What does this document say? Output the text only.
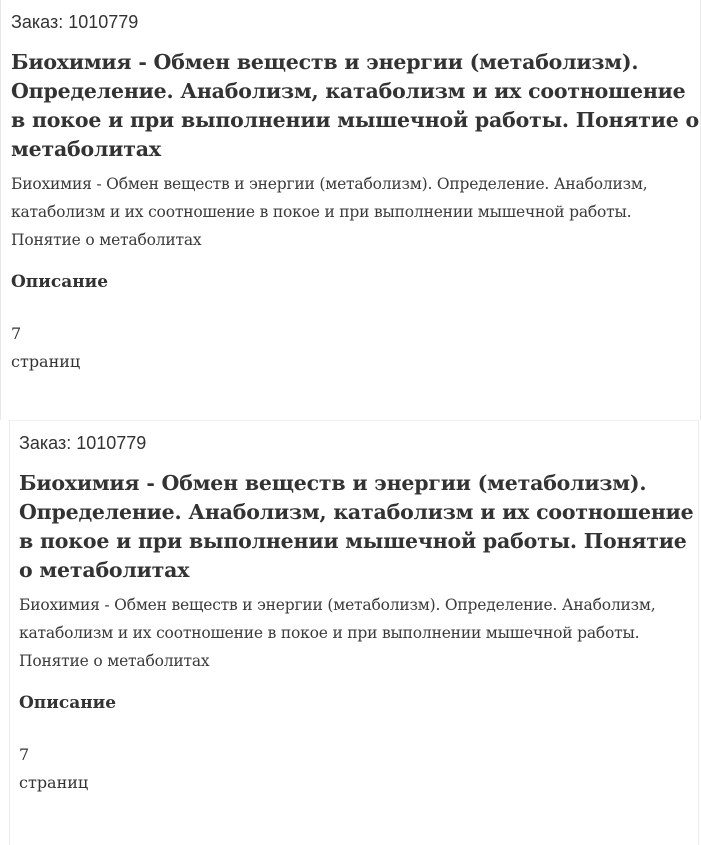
Заказ: 1010779
Биохимия - Обмен веществ и энергии (метаболизм). Определение. Анаболизм, катаболизм и их соотношение в покое и при выполнении мышечной работы. Понятие о метаболитах
Биохимия - Обмен веществ и энергии (метаболизм). Определение. Анаболизм, катаболизм и их соотношение в покое и при выполнении мышечной работы. Понятие о метаболитах
Описание
7
страниц
Заказ: 1010779
Биохимия - Обмен веществ и энергии (метаболизм). Определение. Анаболизм, катаболизм и их соотношение в покое и при выполнении мышечной работы. Понятие о метаболитах
Биохимия - Обмен веществ и энергии (метаболизм). Определение. Анаболизм, катаболизм и их соотношение в покое и при выполнении мышечной работы. Понятие о метаболитах
Описание
7
страниц
